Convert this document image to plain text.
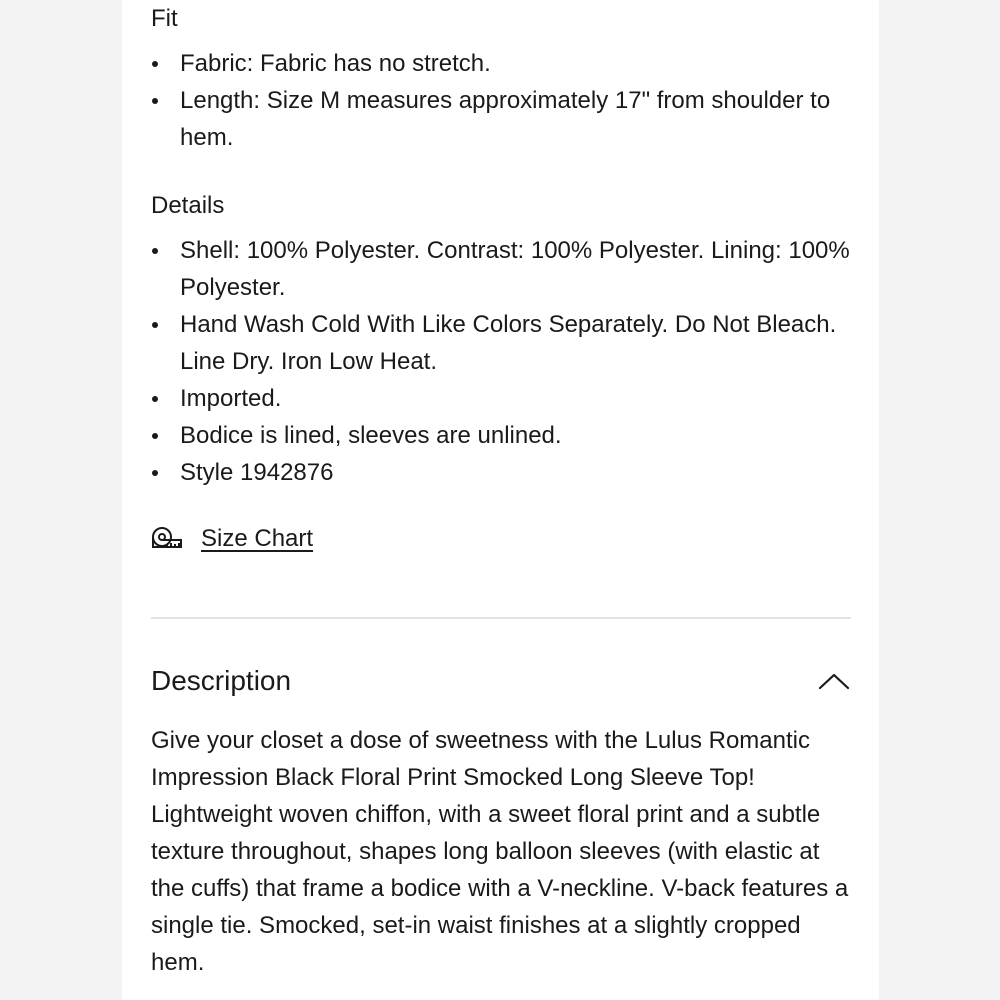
Fit
Fabric: Fabric has no stretch.
Length: Size M measures approximately 17" from shoulder to hem.
Details
Shell: 100% Polyester. Contrast: 100% Polyester. Lining: 100% Polyester.
Hand Wash Cold With Like Colors Separately. Do Not Bleach. Line Dry. Iron Low Heat.
Imported.
Bodice is lined, sleeves are unlined.
Style 1942876
Size Chart
Description

Give your closet a dose of sweetness with the Lulus Romantic Impression Black Floral Print Smocked Long Sleeve Top! Lightweight woven chiffon, with a sweet floral print and a subtle texture throughout, shapes long balloon sleeves (with elastic at the cuffs) that frame a bodice with a V-neckline. V-back features a single tie. Smocked, set-in waist finishes at a slightly cropped hem.
